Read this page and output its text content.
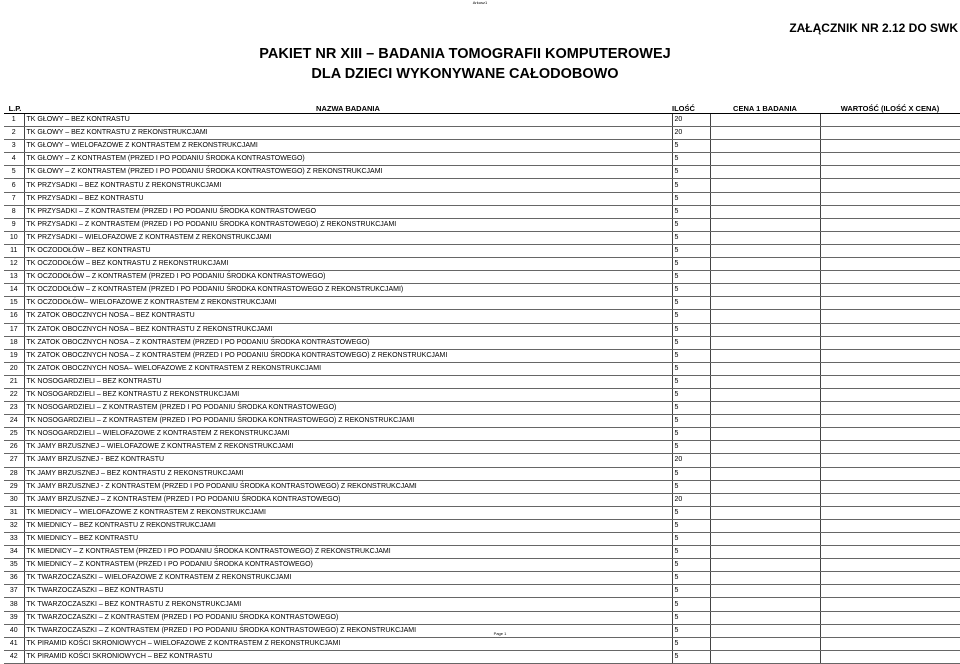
Arkusz1
ZAŁĄCZNIK NR 2.12 DO SWK
PAKIET NR XIII – BADANIA TOMOGRAFII KOMPUTEROWEJ
DLA DZIECI WYKONYWANE CAŁODOBOWO
L.P.	NAZWA BADANIA	ILOŚĆ	CENA 1 BADANIA	WARTOŚĆ (ILOŚĆ X CENA)
1	TK GŁOWY – BEZ KONTRASTU	20		
2	TK GŁOWY – BEZ KONTRASTU Z REKONSTRUKCJAMI	20		
3	TK GŁOWY – WIELOFAZOWE Z KONTRASTEM Z REKONSTRUKCJAMI	5		
4	TK GŁOWY – Z KONTRASTEM (PRZED I PO PODANIU ŚRODKA KONTRASTOWEGO)	5		
5	TK GŁOWY – Z KONTRASTEM (PRZED I PO PODANIU ŚRODKA KONTRASTOWEGO) Z REKONSTRUKCJAMI	5		
6	TK PRZYSADKI – BEZ KONTRASTU Z REKONSTRUKCJAMI	5		
7	TK PRZYSADKI – BEZ KONTRASTU	5		
8	TK PRZYSADKI – Z KONTRASTEM (PRZED I PO PODANIU ŚRODKA KONTRASTOWEGO	5		
9	TK PRZYSADKI – Z KONTRASTEM (PRZED I PO PODANIU ŚRODKA KONTRASTOWEGO) Z REKONSTRUKCJAMI	5		
10	TK PRZYSADKI – WIELOFAZOWE Z KONTRASTEM Z REKONSTRUKCJAMI	5		
11	TK OCZODOŁÓW – BEZ KONTRASTU	5		
12	TK OCZODOŁÓW – BEZ KONTRASTU Z REKONSTRUKCJAMI	5		
13	TK OCZODOŁÓW – Z KONTRASTEM (PRZED I PO PODANIU ŚRODKA KONTRASTOWEGO)	5		
14	TK OCZODOŁÓW – Z KONTRASTEM (PRZED I PO PODANIU ŚRODKA KONTRASTOWEGO Z REKONSTRUKCJAMI)	5		
15	TK OCZODOŁÓW– WIELOFAZOWE Z KONTRASTEM Z REKONSTRUKCJAMI	5		
16	TK ZATOK OBOCZNYCH NOSA – BEZ KONTRASTU	5		
17	TK ZATOK OBOCZNYCH NOSA – BEZ KONTRASTU Z REKONSTRUKCJAMI	5		
18	TK ZATOK OBOCZNYCH NOSA – Z KONTRASTEM (PRZED I PO PODANIU ŚRODKA KONTRASTOWEGO)	5		
19	TK ZATOK OBOCZNYCH NOSA – Z KONTRASTEM (PRZED I PO PODANIU ŚRODKA KONTRASTOWEGO) Z REKONSTRUKCJAMI	5		
20	TK ZATOK OBOCZNYCH NOSA– WIELOFAZOWE Z KONTRASTEM Z REKONSTRUKCJAMI	5		
21	TK NOSOGARDZIELI – BEZ KONTRASTU	5		
22	TK NOSOGARDZIELI – BEZ KONTRASTU Z REKONSTRUKCJAMI	5		
23	TK NOSOGARDZIELI – Z KONTRASTEM (PRZED I PO PODANIU ŚRODKA KONTRASTOWEGO)	5		
24	TK NOSOGARDZIELI – Z KONTRASTEM (PRZED I PO PODANIU ŚRODKA KONTRASTOWEGO) Z REKONSTRUKCJAMI	5		
25	TK NOSOGARDZIELI – WIELOFAZOWE Z KONTRASTEM Z REKONSTRUKCJAMI	5		
26	TK JAMY BRZUSZNEJ – WIELOFAZOWE Z KONTRASTEM Z REKONSTRUKCJAMI	5		
27	TK JAMY BRZUSZNEJ - BEZ KONTRASTU	20		
28	TK JAMY BRZUSZNEJ – BEZ KONTRASTU Z REKONSTRUKCJAMI	5		
29	TK JAMY BRZUSZNEJ - Z KONTRASTEM (PRZED I PO PODANIU ŚRODKA KONTRASTOWEGO) Z REKONSTRUKCJAMI	5		
30	TK JAMY BRZUSZNEJ – Z KONTRASTEM (PRZED I PO PODANIU ŚRODKA KONTRASTOWEGO)	20		
31	TK MIEDNICY – WIELOFAZOWE Z KONTRASTEM Z REKONSTRUKCJAMI	5		
32	TK MIEDNICY – BEZ KONTRASTU Z REKONSTRUKCJAMI	5		
33	TK MIEDNICY – BEZ KONTRASTU	5		
34	TK MIEDNICY – Z KONTRASTEM (PRZED I PO PODANIU ŚRODKA KONTRASTOWEGO) Z REKONSTRUKCJAMI	5		
35	TK MIEDNICY – Z KONTRASTEM (PRZED I PO PODANIU ŚRODKA KONTRASTOWEGO)	5		
36	TK TWARZOCZASZKI – WIELOFAZOWE Z KONTRASTEM Z REKONSTRUKCJAMI	5		
37	TK TWARZOCZASZKI – BEZ KONTRASTU	5		
38	TK TWARZOCZASZKI – BEZ KONTRASTU Z REKONSTRUKCJAMI	5		
39	TK TWARZOCZASZKI – Z KONTRASTEM (PRZED I PO PODANIU ŚRODKA KONTRASTOWEGO)	5		
40	TK TWARZOCZASZKI – Z KONTRASTEM (PRZED I PO PODANIU ŚRODKA KONTRASTOWEGO) Z REKONSTRUKCJAMI	5		
41	TK PIRAMID KOŚCI SKRONIOWYCH – WIELOFAZOWE Z KONTRASTEM Z REKONSTRUKCJAMI	5		
42	TK PIRAMID KOŚCI SKRONIOWYCH – BEZ KONTRASTU	5		
Page 1
